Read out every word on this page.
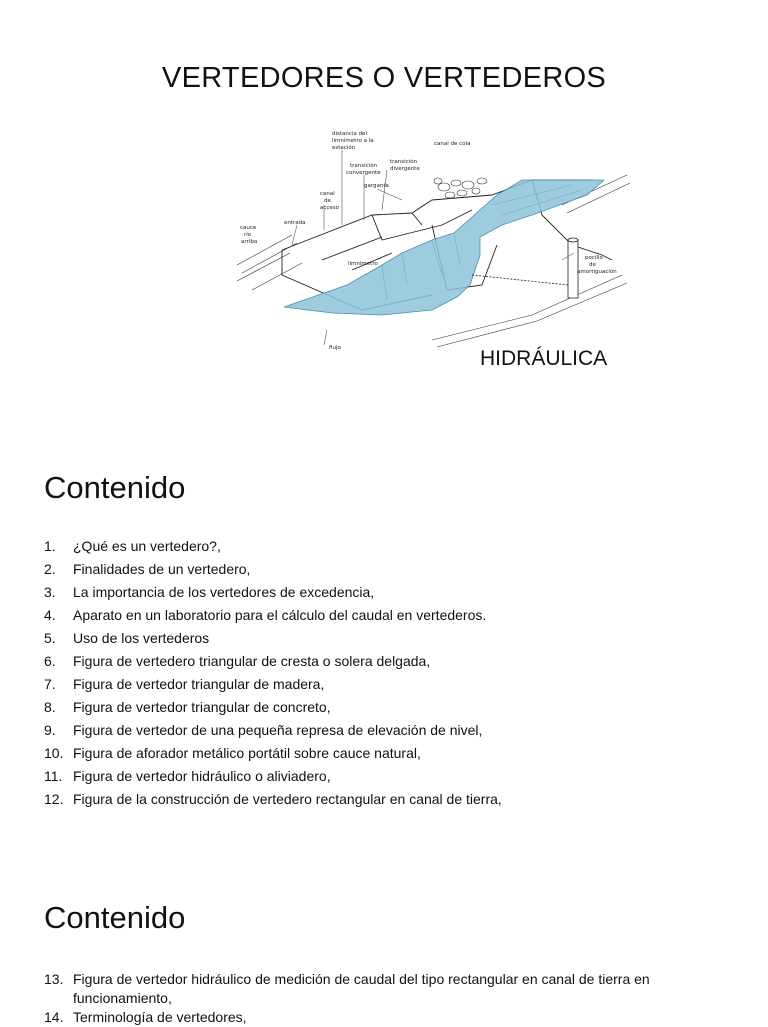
VERTEDORES O VERTEDEROS
distancia del
limnímetro a la
estación
canal de cola
transición
convergente
transición
divergente
garganta
canal
de
acceso
entrada
cauce
río
arriba
limnímetro
pocillo
de
amortiguación
flujo	HIDRÁULICA
Contenido
1. ¿Qué es un vertedero?,
2. Finalidades de un vertedero,
3. La importancia de los vertedores de excedencia,
4. Aparato en un laboratorio para el cálculo del caudal en vertederos.
5. Uso de los vertederos
6. Figura de vertedero triangular de cresta o solera delgada,
7. Figura de vertedor triangular de madera,
8. Figura de vertedor triangular de concreto,
9. Figura de vertedor de una pequeña represa de elevación de nivel,
10. Figura de aforador metálico portátil sobre cauce natural,
11. Figura de vertedor hidráulico o aliviadero,
12. Figura de la construcción de vertedero rectangular en canal de tierra,
Contenido
13. Figura de vertedor hidráulico de medición de caudal del tipo rectangular en canal de tierra en funcionamiento,
14. Terminología de vertedores,
